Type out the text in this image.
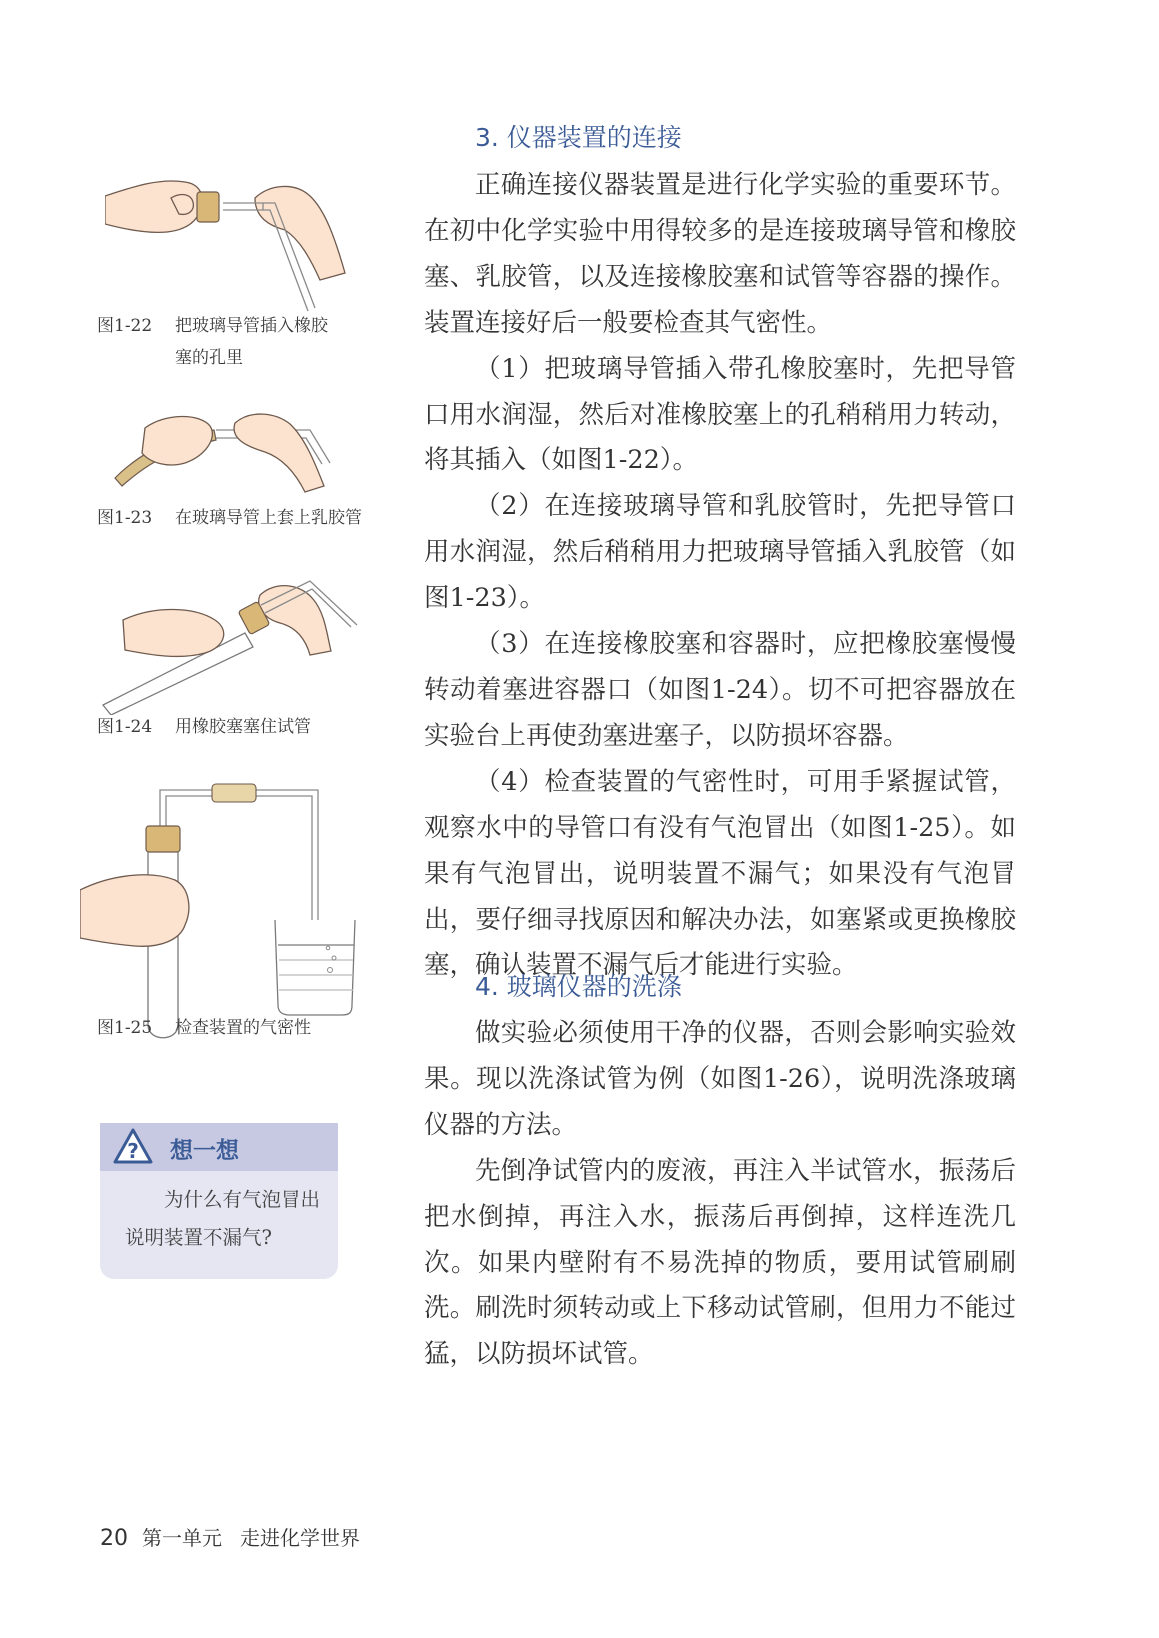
图1-22 把玻璃导管插入橡胶
塞的孔里
图1-23 在玻璃导管上套上乳胶管
图1-24 用橡胶塞塞住试管
图1-25 检查装置的气密性
? 想一想
为什么有气泡冒出说明装置不漏气?
3. 仪器装置的连接

正确连接仪器装置是进行化学实验的重要环节。在初中化学实验中用得较多的是连接玻璃导管和橡胶塞、乳胶管，以及连接橡胶塞和试管等容器的操作。装置连接好后一般要检查其气密性。

（1）把玻璃导管插入带孔橡胶塞时，先把导管口用水润湿，然后对准橡胶塞上的孔稍稍用力转动，将其插入（如图1-22）。

（2）在连接玻璃导管和乳胶管时，先把导管口用水润湿，然后稍稍用力把玻璃导管插入乳胶管（如图1-23）。

（3）在连接橡胶塞和容器时，应把橡胶塞慢慢转动着塞进容器口（如图1-24）。切不可把容器放在实验台上再使劲塞进塞子，以防损坏容器。

（4）检查装置的气密性时，可用手紧握试管，观察水中的导管口有没有气泡冒出（如图1-25）。如果有气泡冒出，说明装置不漏气；如果没有气泡冒出，要仔细寻找原因和解决办法，如塞紧或更换橡胶塞，确认装置不漏气后才能进行实验。

4. 玻璃仪器的洗涤

做实验必须使用干净的仪器，否则会影响实验效果。现以洗涤试管为例（如图1-26），说明洗涤玻璃仪器的方法。

先倒净试管内的废液，再注入半试管水，振荡后把水倒掉，再注入水，振荡后再倒掉，这样连洗几次。如果内壁附有不易洗掉的物质，要用试管刷刷洗。刷洗时须转动或上下移动试管刷，但用力不能过猛，以防损坏试管。

20 第一单元 走进化学世界
